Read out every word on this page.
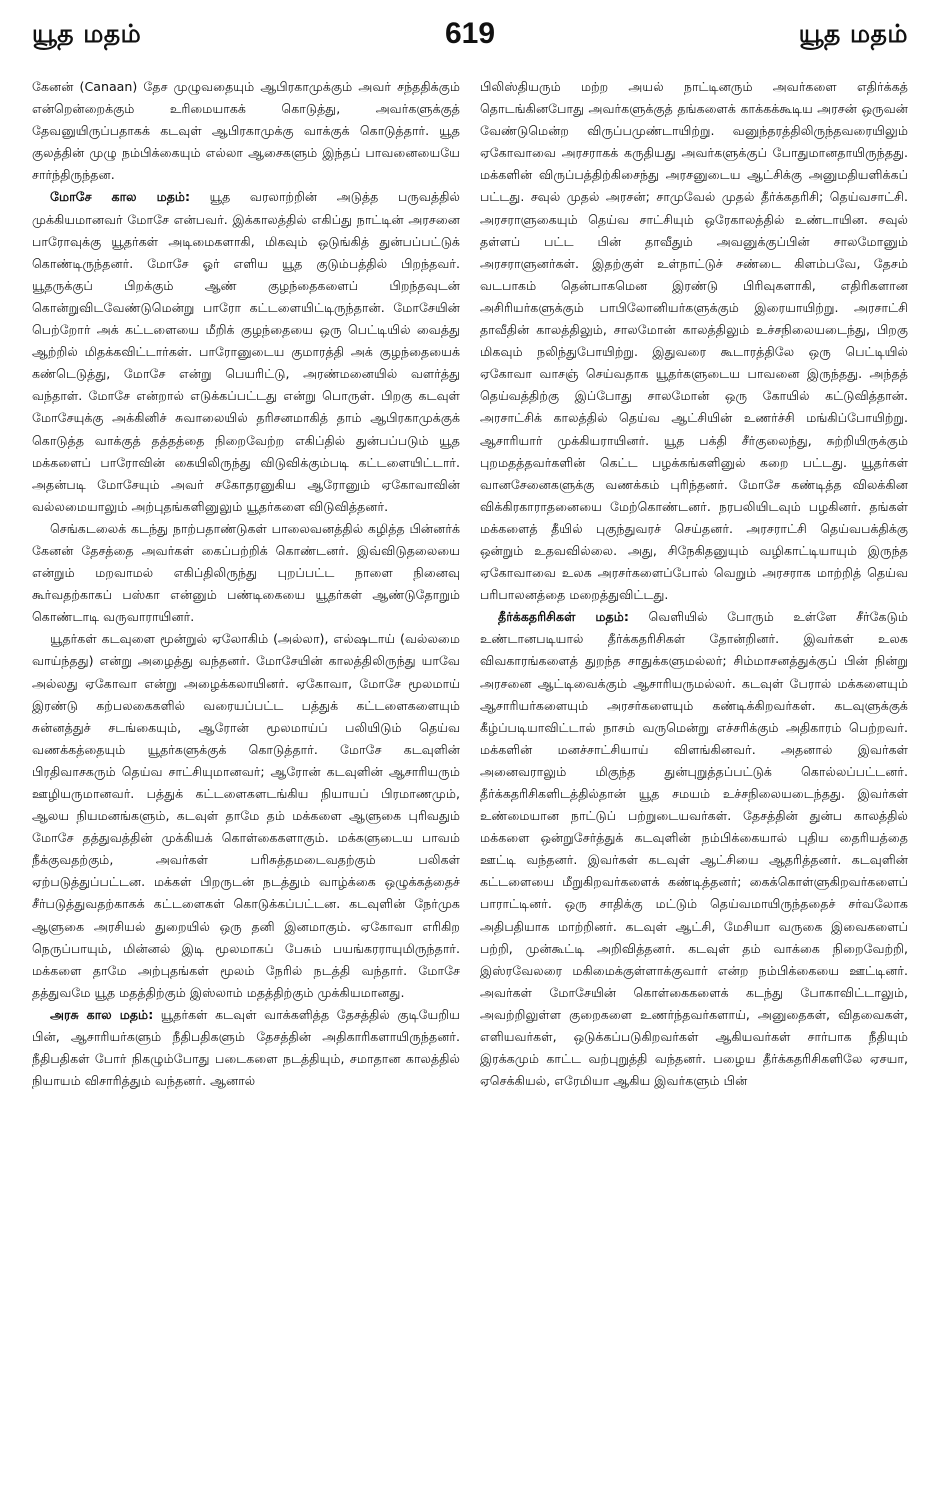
யூத மதம்	619	யூத மதம்

கேனன் (Canaan) தேச முழுவதையும் ஆபிரகாமுக்கும் அவர் சந்ததிக்கும் என்றென்றைக்கும் உரிமையாகக் கொடுத்து, அவர்களுக்குத் தேவனுயிருப்பதாகக் கடவுள் ஆபிரகாமுக்கு வாக்குக் கொடுத்தார். யூத குலத்தின் முழு நம்பிக்கையும் எல்லா ஆசைகளும் இந்தப் பாவனையையே சார்ந்திருந்தன.

மோசே கால மதம்: யூத வரலாற்றின் அடுத்த பருவத்தில் முக்கியமானவர் மோசே என்பவர். இக்காலத்தில் எகிப்து நாட்டின் அரசனை பாரோவுக்கு யூதர்கள் அடிமைகளாகி, மிகவும் ஒடுங்கித் துன்பப்பட்டுக் கொண்டிருந்தனர். மோசே ஓர் எளிய யூத குடும்பத்தில் பிறந்தவர். யூதருக்குப் பிறக்கும் ஆண் குழந்தைகளைப் பிறந்தவுடன் கொன்றுவிடவேண்டுமென்று பாரோ கட்டளையிட்டிருந்தான். மோசேயின் பெற்றோர் அக் கட்டளையை மீறிக் குழந்தையை ஒரு பெட்டியில் வைத்து ஆற்றில் மிதக்கவிட்டார்கள். பாரோனுடைய குமாரத்தி அக் குழந்தையைக் கண்டெடுத்து, மோசே என்று பெயரிட்டு, அரண்மனையில் வளர்த்து வந்தாள். மோசே என்றால் எடுக்கப்பட்டது என்று பொருள். பிறகு கடவுள் மோசேயுக்கு அக்கினிச் சுவாலையில் தரிசனமாகித் தாம் ஆபிரகாமுக்குக் கொடுத்த வாக்குத் தத்தத்தை நிறைவேற்ற எகிப்தில் துன்பப்படும் யூத மக்களைப் பாரோவின் கையிலிருந்து விடுவிக்கும்படி கட்டளையிட்டார். அதன்படி மோசேயும் அவர் சகோதரனுகிய ஆரோனும் ஏகோவாவின் வல்லமையாலும் அற்புதங்களினுலும் யூதர்களை விடுவித்தனர்.

செங்கடலைக் கடந்து நாற்பதாண்டுகள் பாலைவனத்தில் கழித்த பின்னர்க் கேனன் தேசத்தை அவர்கள் கைப்பற்றிக் கொண்டனர். இவ்விடுதலையை என்றும் மறவாமல் எகிப்திலிருந்து புறப்பட்ட நாளை நினைவு கூர்வதற்காகப் பஸ்கா என்னும் பண்டிகையை யூதர்கள் ஆண்டுதோறும் கொண்டாடி வருவாராயினர்.

யூதர்கள் கடவுளை மூன்றுல் ஏலோகிம் (அல்லா), எல்ஷடாய் (வல்லமை வாய்ந்தது) என்று அழைத்து வந்தனர். மோசேயின் காலத்திலிருந்து யாவே அல்லது ஏகோவா என்று அழைக்கலாயினர். ஏகோவா, மோசே மூலமாய் இரண்டு கற்பலகைகளில் வரையப்பட்ட பத்துக் கட்டளைகளையும் சுன்னத்துச் சடங்கையும், ஆரோன் மூலமாய்ப் பலியிடும் தெய்வ வணக்கத்தையும் யூதர்களுக்குக் கொடுத்தார். மோசே கடவுளின் பிரதிவாசகரும் தெய்வ சாட்சியுமானவர்; ஆரோன் கடவுளின் ஆசாரியரும் ஊழியருமானவர். பத்துக் கட்டளைகளடங்கிய நியாயப் பிரமாணமும், ஆலய நியமனங்களும், கடவுள் தாமே தம் மக்களை ஆளுகை புரிவதும் மோசே தத்துவத்தின் முக்கியக் கொள்கைகளாகும். மக்களுடைய பாவம் நீக்குவதற்கும், அவர்கள் பரிசுத்தமடைவதற்கும் பலிகள் ஏற்படுத்துப்பட்டன. மக்கள் பிறருடன் நடத்தும் வாழ்க்கை ஒழுக்கத்தைச் சீர்படுத்துவதற்காகக் கட்டளைகள் கொடுக்கப்பட்டன. கடவுளின் நேர்முக ஆளுகை அரசியல் துறையில் ஒரு தனி இனமாகும். ஏகோவா எரிகிற நெருப்பாயும், மின்னல் இடி மூலமாகப் பேசும் பயங்கரராயுமிருந்தார். மக்களை தாமே அற்புதங்கள் மூலம் நேரில் நடத்தி வந்தார். மோசே தத்துவமே யூத மதத்திற்கும் இஸ்லாம் மதத்திற்கும் முக்கியமானது.

அரசு கால மதம்: யூதர்கள் கடவுள் வாக்களித்த தேசத்தில் குடியேறிய பின், ஆசாரியர்களும் நீதிபதிகளும் தேசத்தின் அதிகாரிகளாயிருந்தனர். நீதிபதிகள் போர் நிகழும்போது படைகளை நடத்தியும், சமாதான காலத்தில் நியாயம் விசாரித்தும் வந்தனர். ஆனால்

பிலிஸ்தியரும் மற்ற அயல் நாட்டினரும் அவர்களை எதிர்க்கத் தொடங்கினபோது அவர்களுக்குத் தங்களைக் காக்கக்கூடிய அரசன் ஒருவன் வேண்டுமென்ற விருப்பமுண்டாயிற்று. வனுந்தரத்திலிருந்தவரையிலும் ஏகோவாவை அரசராகக் கருதியது அவர்களுக்குப் போதுமானதாயிருந்தது. மக்களின் விருப்பத்திற்கிசைந்து அரசனுடைய ஆட்சிக்கு அனுமதியளிக்கப் பட்டது. சவுல் முதல் அரசன்; சாமுவேல் முதல் தீர்க்கதரிசி; தெய்வசாட்சி. அரசராளுகையும் தெய்வ சாட்சியும் ஒரேகாலத்தில் உண்டாயின. சவுல் தள்ளப் பட்ட பின் தாவீதும் அவனுக்குப்பின் சாலமோனும் அரசராளுனர்கள். இதற்குள் உள்நாட்டுச் சண்டை கிளம்பவே, தேசம் வடபாகம் தென்பாகமென இரண்டு பிரிவுகளாகி, எதிரிகளான அசிரியர்களுக்கும் பாபிலோனியர்களுக்கும் இரையாயிற்று. அரசாட்சி தாவீதின் காலத்திலும், சாலமோன் காலத்திலும் உச்சநிலையடைந்து, பிறகு மிகவும் நலிந்துபோயிற்று. இதுவரை கூடாரத்திலே ஒரு பெட்டியில் ஏகோவா வாசஞ் செய்வதாக யூதர்களுடைய பாவனை இருந்தது. அந்தத் தெய்வத்திற்கு இப்போது சாலமோன் ஒரு கோயில் கட்டுவித்தான். அரசாட்சிக் காலத்தில் தெய்வ ஆட்சியின் உணர்ச்சி மங்கிப்போயிற்று. ஆசாரியார் முக்கியராயினர். யூத பக்தி சீர்குலைந்து, சுற்றியிருக்கும் புறமதத்தவர்களின் கெட்ட பழக்கங்களினுல் கறை பட்டது. யூதர்கள் வானசேனைகளுக்கு வணக்கம் புரிந்தனர். மோசே கண்டித்த விலக்கின விக்கிரகாராதனையை மேற்கொண்டனர். நரபலியிடவும் பழகினர். தங்கள் மக்களைத் தீயில் புகுந்துவரச் செய்தனர். அரசராட்சி தெய்வபக்திக்கு ஒன்றும் உதவவில்லை. அது, சிநேகிதனுயும் வழிகாட்டியாயும் இருந்த ஏகோவாவை உலக அரசர்களைப்போல் வெறும் அரசராக மாற்றித் தெய்வ பரிபாலனத்தை மறைத்துவிட்டது.

தீர்க்கதரிசிகள் மதம்: வெளியில் போரும் உள்ளே சீர்கேடும் உண்டானபடியால் தீர்க்கதரிசிகள் தோன்றினர். இவர்கள் உலக விவகாரங்களைத் துறந்த சாதுக்களுமல்லர்; சிம்மாசனத்துக்குப் பின் நின்று அரசனை ஆட்டிவைக்கும் ஆசாரியருமல்லர். கடவுள் பேரால் மக்களையும் ஆசாரியர்களையும் அரசர்களையும் கண்டிக்கிறவர்கள். கடவுளுக்குக் கீழ்ப்படியாவிட்டால் நாசம் வருமென்று எச்சரிக்கும் அதிகாரம் பெற்றவர். மக்களின் மனச்சாட்சியாய் விளங்கினவர். அதனால் இவர்கள் அனைவராலும் மிகுந்த துன்புறுத்தப்பட்டுக் கொல்லப்பட்டனர். தீர்க்கதரிசிகளிடத்தில்தான் யூத சமயம் உச்சநிலையடைந்தது. இவர்கள் உண்மையான நாட்டுப் பற்றுடையவர்கள். தேசத்தின் துன்ப காலத்தில் மக்களை ஒன்றுசேர்த்துக் கடவுளின் நம்பிக்கையால் புதிய தைரியத்தை ஊட்டி வந்தனர். இவர்கள் கடவுள் ஆட்சியை ஆதரித்தனர். கடவுளின் கட்டளையை மீறுகிறவர்களைக் கண்டித்தனர்; கைக்கொள்ளுகிறவர்களைப் பாராட்டினர். ஒரு சாதிக்கு மட்டும் தெய்வமாயிருந்ததைச் சர்வலோக அதிபதியாக மாற்றினர். கடவுள் ஆட்சி, மேசியா வருகை இவைகளைப் பற்றி, முன்கூட்டி அறிவித்தனர். கடவுள் தம் வாக்கை நிறைவேற்றி, இஸ்ரவேலரை மகிமைக்குள்ளாக்குவார் என்ற நம்பிக்கையை ஊட்டினர். அவர்கள் மோசேயின் கொள்கைகளைக் கடந்து போகாவிட்டாலும், அவற்றிலுள்ள குறைகளை உணர்ந்தவர்களாய், அனுதைகள், விதவைகள், எளியவர்கள், ஒடுக்கப்படுகிறவர்கள் ஆகியவர்கள் சார்பாக நீதியும் இரக்கமும் காட்ட வற்புறுத்தி வந்தனர். பழைய தீர்க்கதரிசிகளிலே ஏசயா, ஏசெக்கியல், எரேமியா ஆகிய இவர்களும் பின்
